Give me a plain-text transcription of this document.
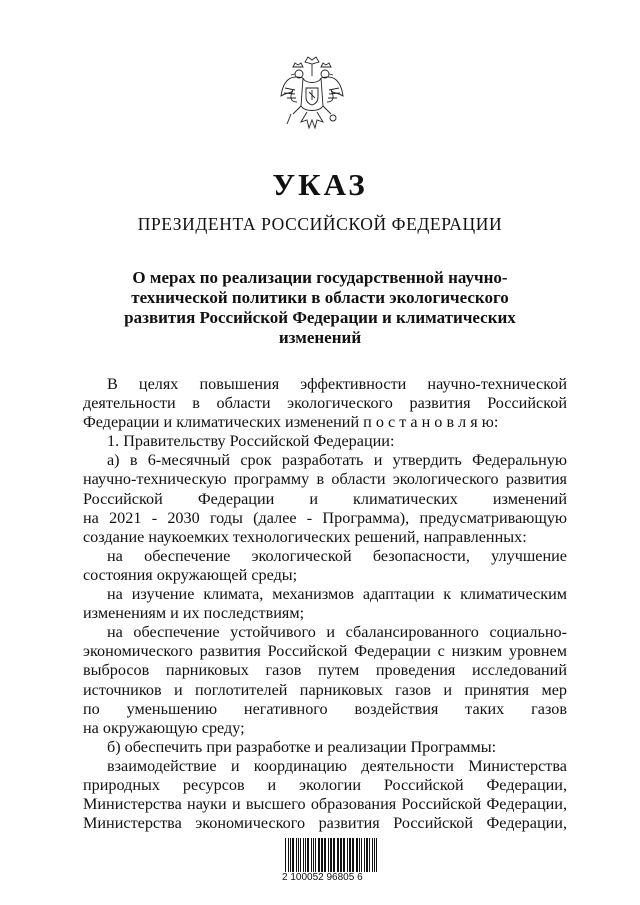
УКАЗ
ПРЕЗИДЕНТА РОССИЙСКОЙ ФЕДЕРАЦИИ
О мерах по реализации государственной научно-
технической политики в области экологического
развития Российской Федерации и климатических
изменений
В целях повышения эффективности научно-технической
деятельности в области экологического развития Российской
Федерации и климатических изменений п о с т а н о в л я ю:
1. Правительству Российской Федерации:
а) в 6-месячный срок разработать и утвердить Федеральную
научно-техническую программу в области экологического развития
Российской Федерации и климатических изменений
на 2021 - 2030 годы (далее - Программа), предусматривающую
создание наукоемких технологических решений, направленных:
на обеспечение экологической безопасности, улучшение
состояния окружающей среды;
на изучение климата, механизмов адаптации к климатическим
изменениям и их последствиям;
на обеспечение устойчивого и сбалансированного социально-
экономического развития Российской Федерации с низким уровнем
выбросов парниковых газов путем проведения исследований
источников и поглотителей парниковых газов и принятия мер
по уменьшению негативного воздействия таких газов
на окружающую среду;
б) обеспечить при разработке и реализации Программы:
взаимодействие и координацию деятельности Министерства
природных ресурсов и экологии Российской Федерации,
Министерства науки и высшего образования Российской Федерации,
Министерства экономического развития Российской Федерации,
2 100052 96805 6
